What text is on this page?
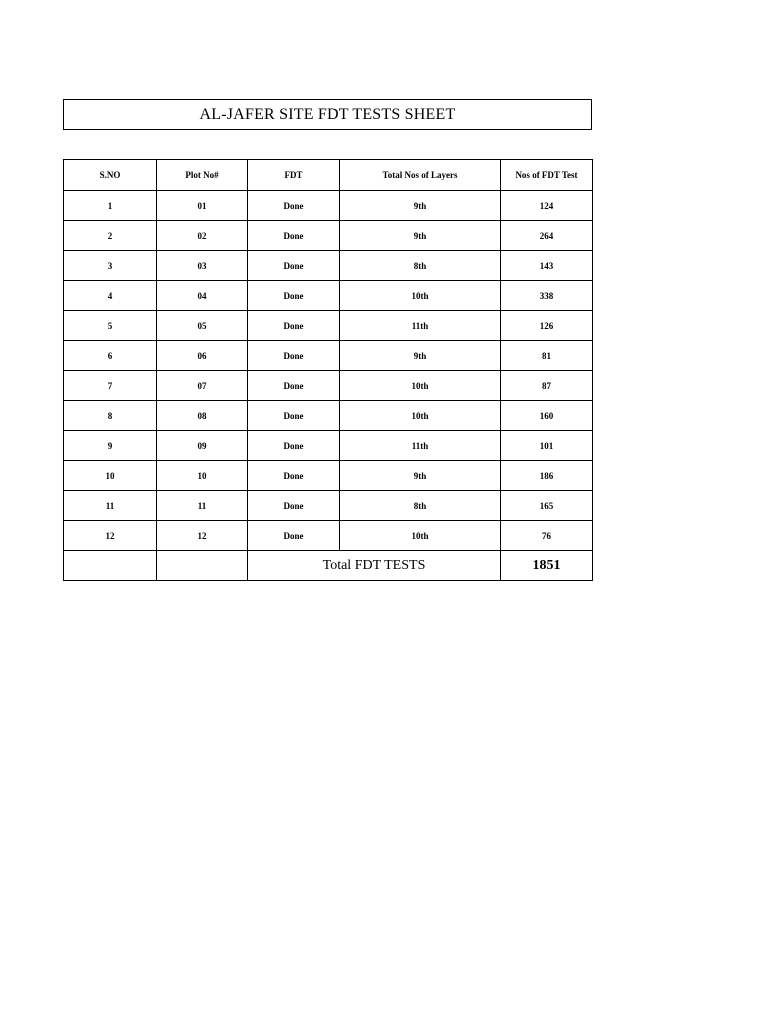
AL-JAFER SITE FDT TESTS SHEET
S.NO	Plot No#	FDT	Total Nos of Layers	Nos of FDT Test
1	01	Done	9th	124
2	02	Done	9th	264
3	03	Done	8th	143
4	04	Done	10th	338
5	05	Done	11th	126
6	06	Done	9th	81
7	07	Done	10th	87
8	08	Done	10th	160
9	09	Done	11th	101
10	10	Done	9th	186
11	11	Done	8th	165
12	12	Done	10th	76
		Total FDT TESTS		1851
